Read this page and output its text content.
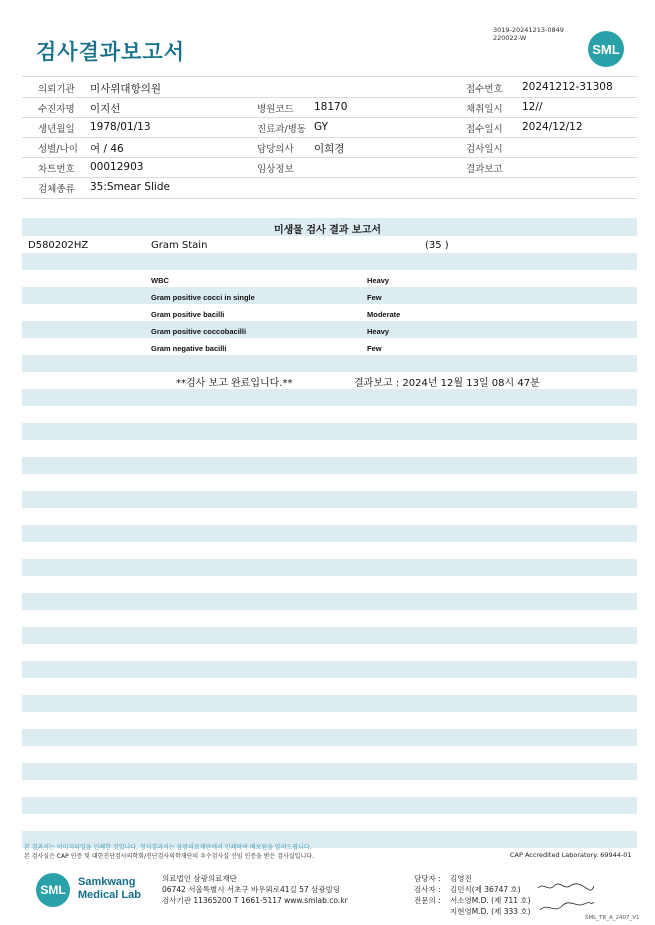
검사결과보고서
3019-20241213-0849
220022-W
SML
의뢰기관 미사위대항의원	접수번호 20241212-31308
수진자명 이지선	병원코드 18170	채취일시 12//
생년월일 1978/01/13	진료과/병동 GY	접수일시 2024/12/12
성별/나이 여 / 46	담당의사 이희경	검사일시
차트번호 00012903	임상정보	결과보고
검체종류 35:Smear Slide
미생물 검사 결과 보고서
D580202HZ	Gram Stain	(35 )
WBC	Heavy
Gram positive cocci in single	Few
Gram positive bacilli	Moderate
Gram positive coccobacilli	Heavy
Gram negative bacilli	Few
**검사 보고 완료입니다.**	결과보고 : 2024년 12월 13일 08시 47분
본 결과지는 이미지파일을 인쇄한 것입니다. 정식결과지는 삼광의료재단에서 인쇄하여 배포됨을 알려드립니다.
본 검사실은 CAP 인증 및 대한진단검사의학회/진단검사의학재단의 우수검사실 신임 인증을 받은 검사실입니다.	CAP Accredited Laboratory. 69944-01
SML
Samkwang
Medical Lab
의료법인 삼광의료재단
06742 서울특별시 서초구 바우뫼로41길 57 삼광빌딩
검사기관 11365200 T 1661-5117 www.smlab.co.kr
담당자 : 김영진
검사자 : 김민식(제 36747 호)
전문의 : 서소영M.D. (제 711 호)
지현영M.D. (제 333 호)
SML_TR_A_2407_V1
